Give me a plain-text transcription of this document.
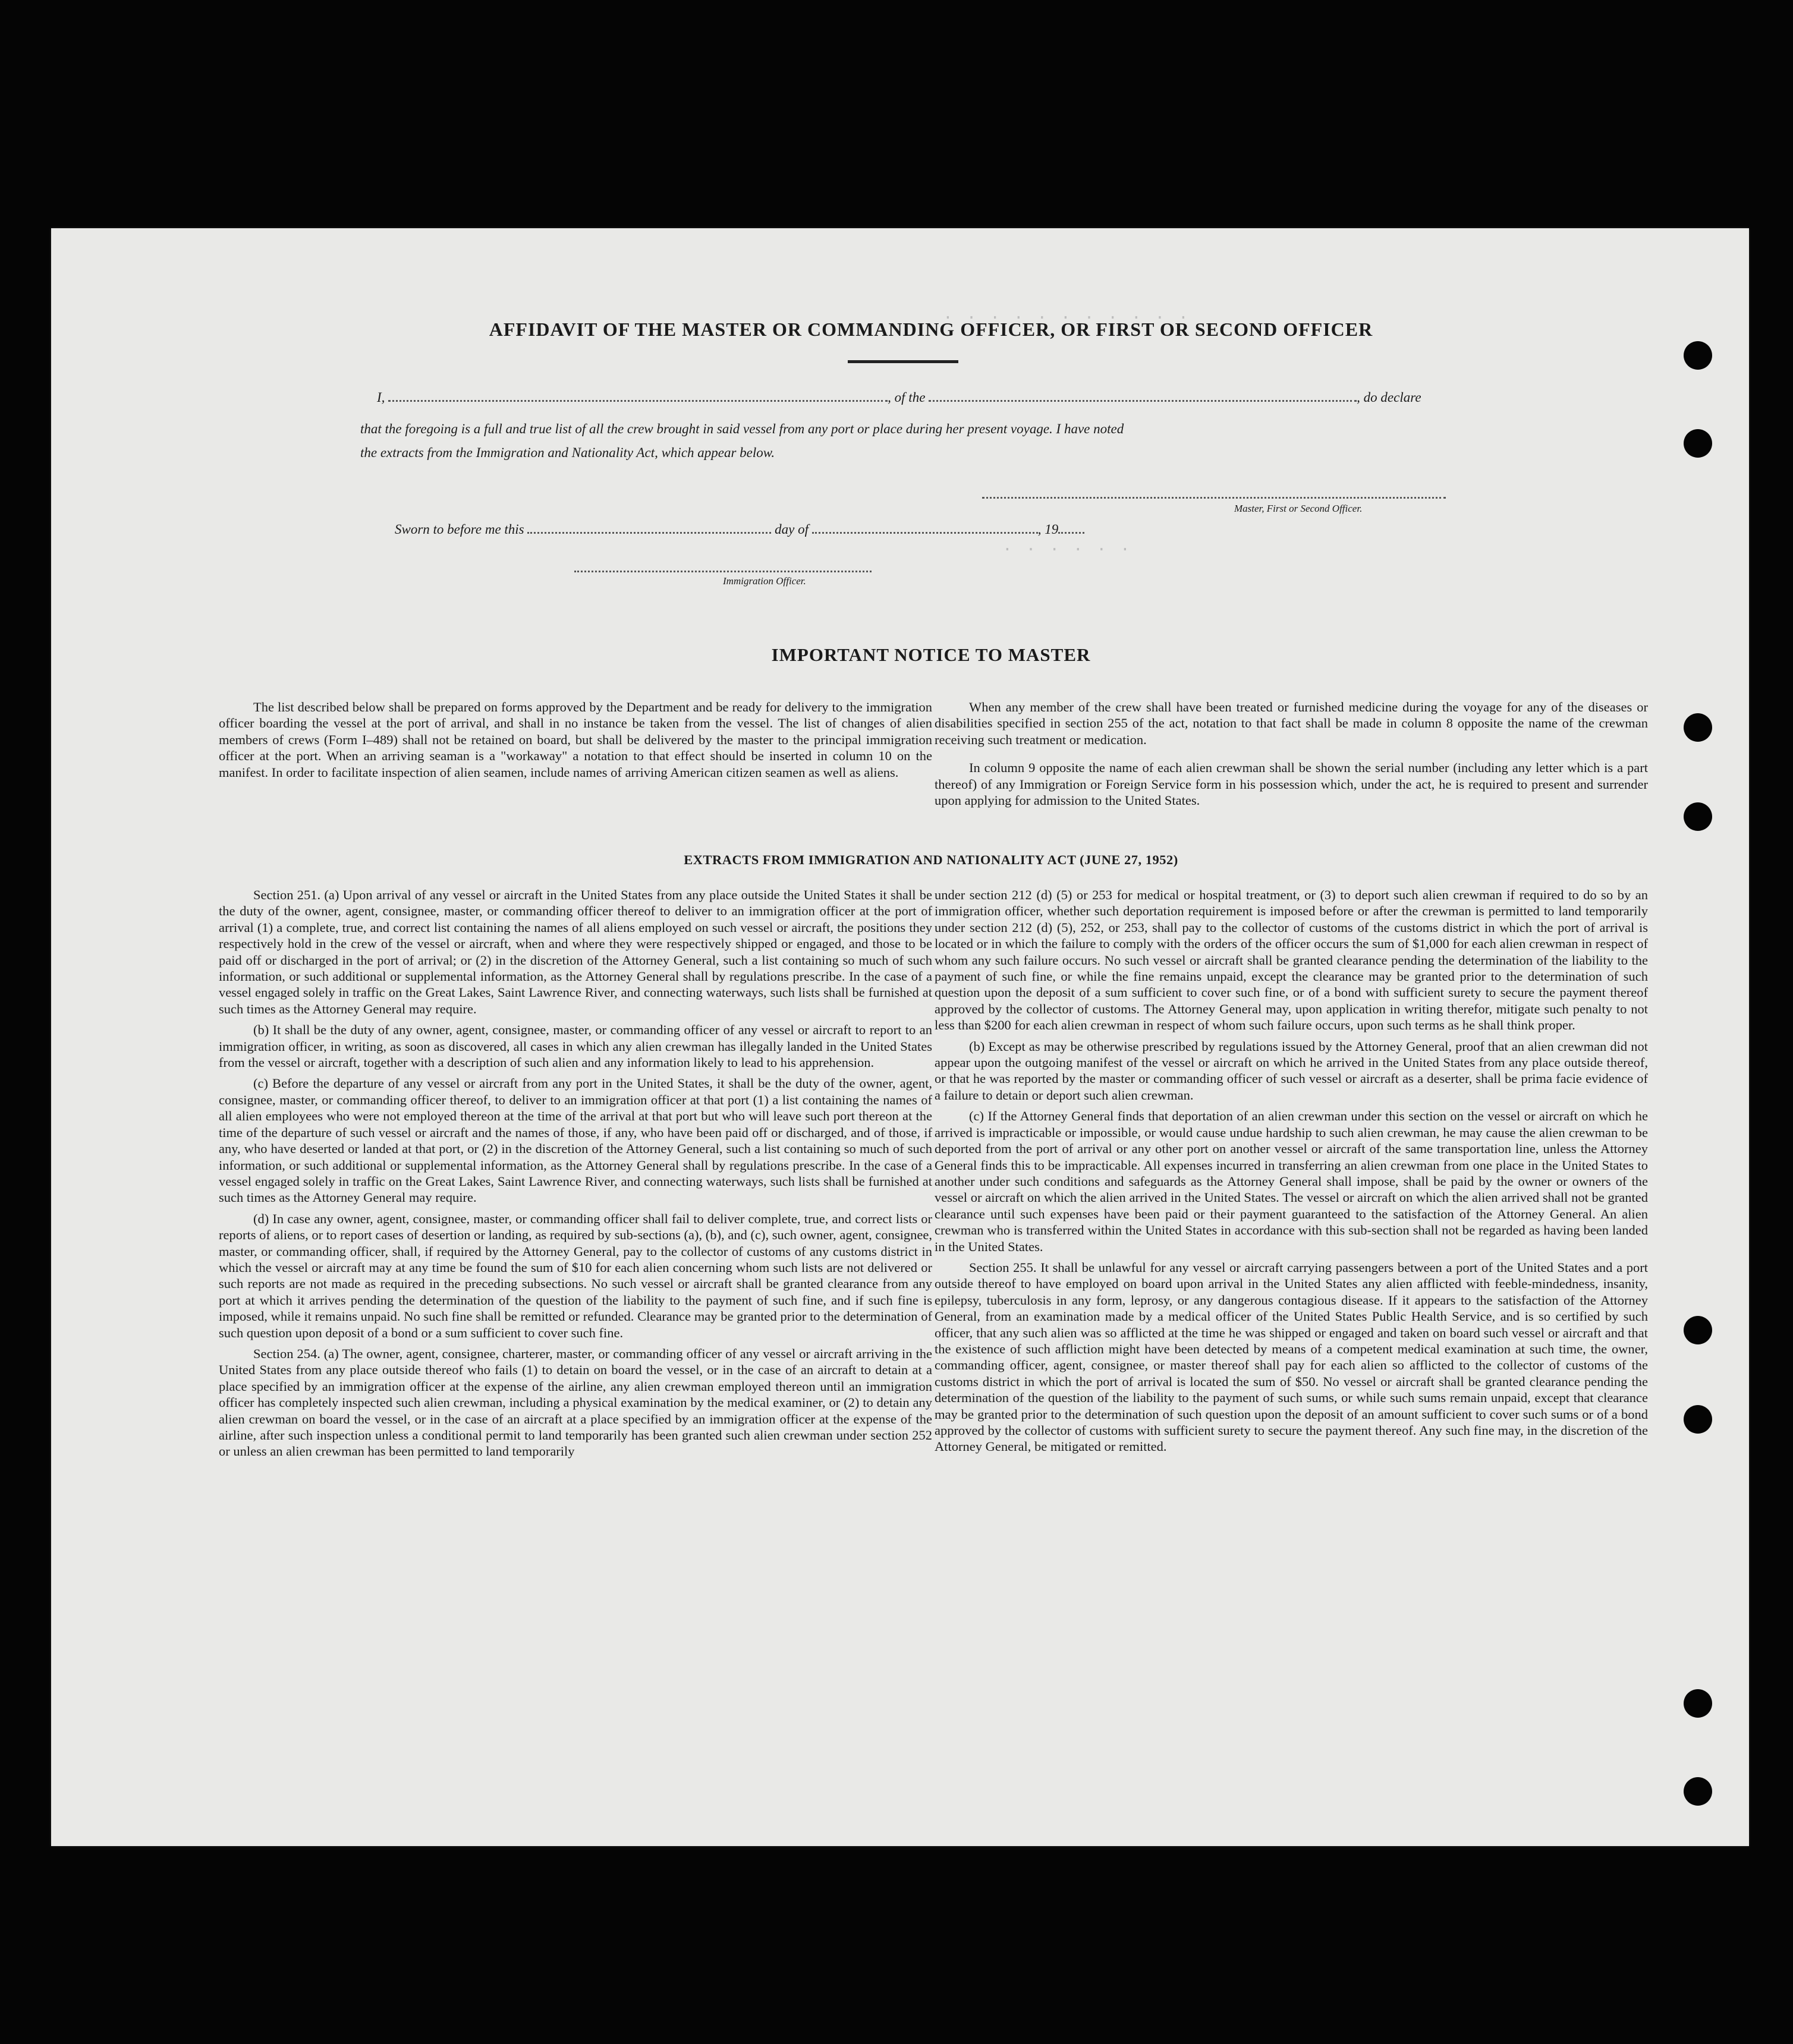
. . . . . . . . . . .
. . . . . .
AFFIDAVIT OF THE MASTER OR COMMANDING OFFICER, OR FIRST OR SECOND OFFICER
I,	, of the	, do declare
that the foregoing is a full and true list of all the crew brought in said vessel from any port or place during her present voyage. I have noted
the extracts from the Immigration and Nationality Act, which appear below.
Master, First or Second Officer.
Sworn to before me this	day of	, 19
Immigration Officer.
IMPORTANT NOTICE TO MASTER

The list described below shall be prepared on forms approved by the Department and be ready for delivery to the immigration officer boarding the vessel at the port of arrival, and shall in no instance be taken from the vessel. The list of changes of alien members of crews (Form I–489) shall not be retained on board, but shall be delivered by the master to the principal immigration officer at the port. When an arriving seaman is a "workaway" a notation to that effect should be inserted in column 10 on the manifest. In order to facilitate inspection of alien seamen, include names of arriving American citizen seamen as well as aliens.

When any member of the crew shall have been treated or furnished medicine during the voyage for any of the diseases or disabilities specified in section 255 of the act, notation to that fact shall be made in column 8 opposite the name of the crewman receiving such treatment or medication.

In column 9 opposite the name of each alien crewman shall be shown the serial number (including any letter which is a part thereof) of any Immigration or Foreign Service form in his possession which, under the act, he is required to present and surrender upon applying for admission to the United States.

EXTRACTS FROM IMMIGRATION AND NATIONALITY ACT (JUNE 27, 1952)

Section 251. (a) Upon arrival of any vessel or aircraft in the United States from any place outside the United States it shall be the duty of the owner, agent, consignee, master, or commanding officer thereof to deliver to an immigration officer at the port of arrival (1) a complete, true, and correct list containing the names of all aliens employed on such vessel or aircraft, the positions they respectively hold in the crew of the vessel or aircraft, when and where they were respectively shipped or engaged, and those to be paid off or discharged in the port of arrival; or (2) in the discretion of the Attorney General, such a list containing so much of such information, or such additional or supplemental information, as the Attorney General shall by regulations prescribe. In the case of a vessel engaged solely in traffic on the Great Lakes, Saint Lawrence River, and connecting waterways, such lists shall be furnished at such times as the Attorney General may require.

(b) It shall be the duty of any owner, agent, consignee, master, or commanding officer of any vessel or aircraft to report to an immigration officer, in writing, as soon as discovered, all cases in which any alien crewman has illegally landed in the United States from the vessel or aircraft, together with a description of such alien and any information likely to lead to his apprehension.

(c) Before the departure of any vessel or aircraft from any port in the United States, it shall be the duty of the owner, agent, consignee, master, or commanding officer thereof, to deliver to an immigration officer at that port (1) a list containing the names of all alien employees who were not employed thereon at the time of the arrival at that port but who will leave such port thereon at the time of the departure of such vessel or aircraft and the names of those, if any, who have been paid off or discharged, and of those, if any, who have deserted or landed at that port, or (2) in the discretion of the Attorney General, such a list containing so much of such information, or such additional or supplemental information, as the Attorney General shall by regulations prescribe. In the case of a vessel engaged solely in traffic on the Great Lakes, Saint Lawrence River, and connecting waterways, such lists shall be furnished at such times as the Attorney General may require.

(d) In case any owner, agent, consignee, master, or commanding officer shall fail to deliver complete, true, and correct lists or reports of aliens, or to report cases of desertion or landing, as required by sub-sections (a), (b), and (c), such owner, agent, consignee, master, or commanding officer, shall, if required by the Attorney General, pay to the collector of customs of any customs district in which the vessel or aircraft may at any time be found the sum of $10 for each alien concerning whom such lists are not delivered or such reports are not made as required in the preceding subsections. No such vessel or aircraft shall be granted clearance from any port at which it arrives pending the determination of the question of the liability to the payment of such fine, and if such fine is imposed, while it remains unpaid. No such fine shall be remitted or refunded. Clearance may be granted prior to the determination of such question upon deposit of a bond or a sum sufficient to cover such fine.

Section 254. (a) The owner, agent, consignee, charterer, master, or commanding officer of any vessel or aircraft arriving in the United States from any place outside thereof who fails (1) to detain on board the vessel, or in the case of an aircraft to detain at a place specified by an immigration officer at the expense of the airline, any alien crewman employed thereon until an immigration officer has completely inspected such alien crewman, including a physical examination by the medical examiner, or (2) to detain any alien crewman on board the vessel, or in the case of an aircraft at a place specified by an immigration officer at the expense of the airline, after such inspection unless a conditional permit to land temporarily has been granted such alien crewman under section 252 or unless an alien crewman has been permitted to land temporarily

under section 212 (d) (5) or 253 for medical or hospital treatment, or (3) to deport such alien crewman if required to do so by an immigration officer, whether such deportation requirement is imposed before or after the crewman is permitted to land temporarily under section 212 (d) (5), 252, or 253, shall pay to the collector of customs of the customs district in which the port of arrival is located or in which the failure to comply with the orders of the officer occurs the sum of $1,000 for each alien crewman in respect of whom any such failure occurs. No such vessel or aircraft shall be granted clearance pending the determination of the liability to the payment of such fine, or while the fine remains unpaid, except the clearance may be granted prior to the determination of such question upon the deposit of a sum sufficient to cover such fine, or of a bond with sufficient surety to secure the payment thereof approved by the collector of customs. The Attorney General may, upon application in writing therefor, mitigate such penalty to not less than $200 for each alien crewman in respect of whom such failure occurs, upon such terms as he shall think proper.

(b) Except as may be otherwise prescribed by regulations issued by the Attorney General, proof that an alien crewman did not appear upon the outgoing manifest of the vessel or aircraft on which he arrived in the United States from any place outside thereof, or that he was reported by the master or commanding officer of such vessel or aircraft as a deserter, shall be prima facie evidence of a failure to detain or deport such alien crewman.

(c) If the Attorney General finds that deportation of an alien crewman under this section on the vessel or aircraft on which he arrived is impracticable or impossible, or would cause undue hardship to such alien crewman, he may cause the alien crewman to be deported from the port of arrival or any other port on another vessel or aircraft of the same transportation line, unless the Attorney General finds this to be impracticable. All expenses incurred in transferring an alien crewman from one place in the United States to another under such conditions and safeguards as the Attorney General shall impose, shall be paid by the owner or owners of the vessel or aircraft on which the alien arrived in the United States. The vessel or aircraft on which the alien arrived shall not be granted clearance until such expenses have been paid or their payment guaranteed to the satisfaction of the Attorney General. An alien crewman who is transferred within the United States in accordance with this sub-section shall not be regarded as having been landed in the United States.

Section 255. It shall be unlawful for any vessel or aircraft carrying passengers between a port of the United States and a port outside thereof to have employed on board upon arrival in the United States any alien afflicted with feeble-mindedness, insanity, epilepsy, tuberculosis in any form, leprosy, or any dangerous contagious disease. If it appears to the satisfaction of the Attorney General, from an examination made by a medical officer of the United States Public Health Service, and is so certified by such officer, that any such alien was so afflicted at the time he was shipped or engaged and taken on board such vessel or aircraft and that the existence of such affliction might have been detected by means of a competent medical examination at such time, the owner, commanding officer, agent, consignee, or master thereof shall pay for each alien so afflicted to the collector of customs of the customs district in which the port of arrival is located the sum of $50. No vessel or aircraft shall be granted clearance pending the determination of the question of the liability to the payment of such sums, or while such sums remain unpaid, except that clearance may be granted prior to the determination of such question upon the deposit of an amount sufficient to cover such sums or of a bond approved by the collector of customs with sufficient surety to secure the payment thereof. Any such fine may, in the discretion of the Attorney General, be mitigated or remitted.
